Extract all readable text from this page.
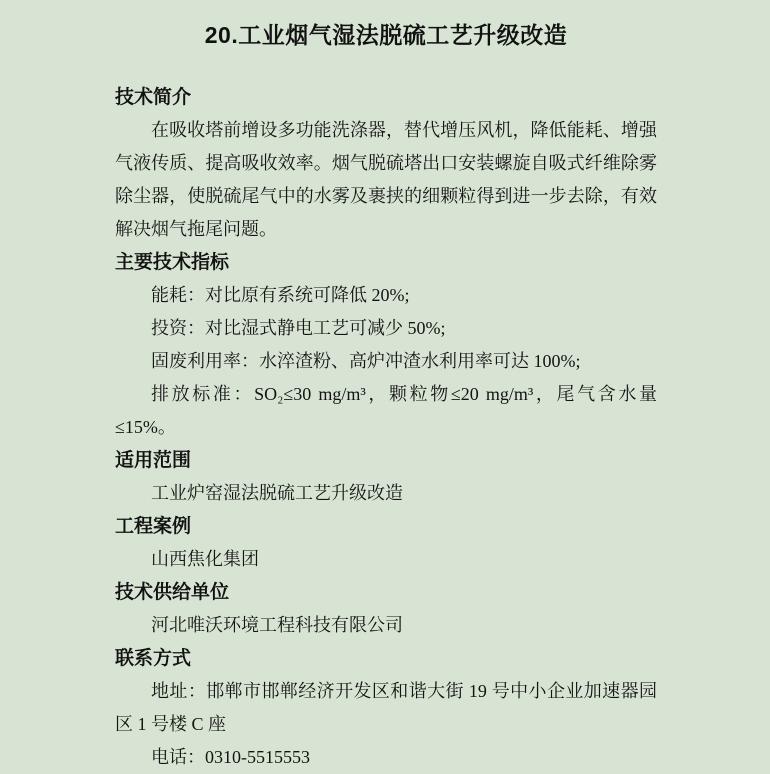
20.工业烟气湿法脱硫工艺升级改造
技术简介

在吸收塔前增设多功能洗涤器，替代增压风机，降低能耗、增强气液传质、提高吸收效率。烟气脱硫塔出口安装螺旋自吸式纤维除雾除尘器，使脱硫尾气中的水雾及裹挟的细颗粒得到进一步去除，有效解决烟气拖尾问题。

主要技术指标

能耗：对比原有系统可降低 20%;

投资：对比湿式静电工艺可减少 50%;

固废利用率：水淬渣粉、高炉冲渣水利用率可达 100%;

排放标准：SO₂≤30 mg/m³，颗粒物≤20 mg/m³，尾气含水量≤15%。

适用范围

工业炉窑湿法脱硫工艺升级改造

工程案例

山西焦化集团

技术供给单位

河北唯沃环境工程科技有限公司

联系方式

地址：邯郸市邯郸经济开发区和谐大街 19 号中小企业加速器园区 1 号楼 C 座

电话：0310-5515553
